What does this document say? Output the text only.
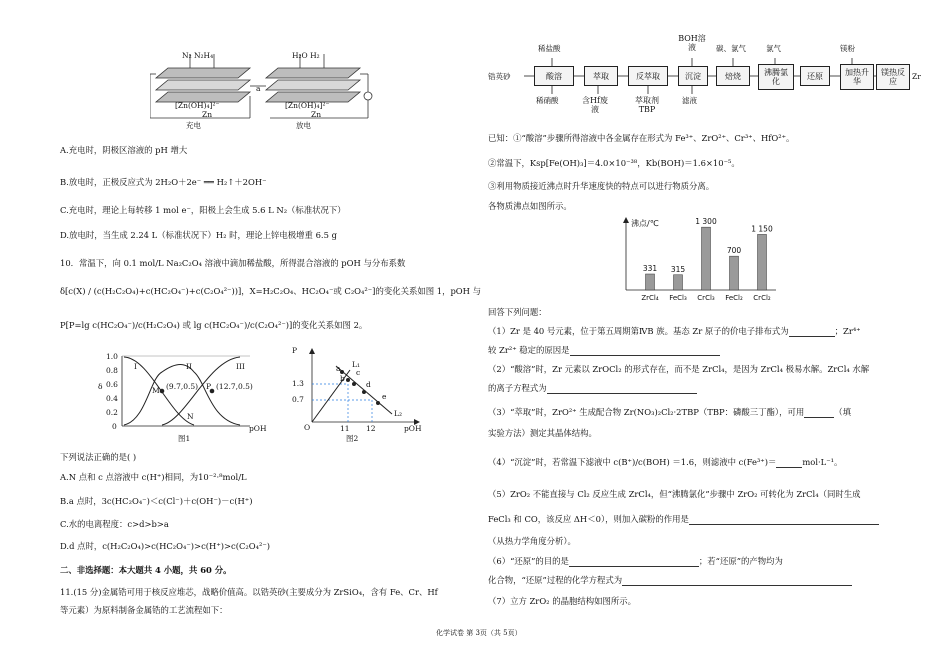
N₂ N₂H₄	H₂O H₂
a
[Zn(OH)₄]²⁻	[Zn(OH)₄]²⁻
Zn	Zn
充电	放电
A.充电时，阴极区溶液的 pH 增大
B.放电时，正极反应式为 2H₂O＋2e⁻ ══ H₂↑＋2OH⁻
C.充电时，理论上每转移 1 mol e⁻，阳极上会生成 5.6 L N₂（标准状况下）
D.放电时，当生成 2.24 L（标准状况下）H₂ 时，理论上锌电极增重 6.5 g
10．常温下，向 0.1 mol/L Na₂C₂O₄ 溶液中滴加稀盐酸，所得混合溶液的 pOH 与分布系数
δ[c(X) / (c(H₂C₂O₄)+c(HC₂O₄⁻)+c(C₂O₄²⁻))]，X=H₂C₂O₄、HC₂O₄⁻或 C₂O₄²⁻]的变化关系如图 1，pOH 与
P[P=lg c(HC₂O₄⁻)/c(H₂C₂O₄) 或 lg c(HC₂O₄⁻)/c(C₂O₄²⁻)]的变化关系如图 2。
1.0
0.8
0.6
0.4
0.2
0
δ
I	II	III
M (9.7,0.5) P (12.7,0.5)
N
pOH
图1
P
1.3
0.7
O	11 12	pOH
a
b
c
d
e
L₁
L₂
图2
下列说法正确的是( )
A.N 点和 c 点溶液中 c(H⁺)相同，为10⁻²·⁸mol/L
B.a 点时，3c(HC₂O₄⁻)＜c(Cl⁻)＋c(OH⁻)－c(H⁺)
C.水的电离程度：c>d>b>a
D.d 点时，c(H₂C₂O₄)>c(HC₂O₄⁻)>c(H⁺)>c(C₂O₄²⁻)
二、非选择题：本大题共 4 小题，共 60 分。
11.(15 分)金属锆可用于核反应堆芯，战略价值高。以锆英砂(主要成分为 ZrSiO₄，含有 Fe、Cr、Hf
等元素）为原料制备金属锆的工艺流程如下：
锆英砂	酸溶	萃取	反萃取	沉淀	焙烧	沸腾氯化
还原	加热升华
镁热反应
Zr
稀盐酸
BOH溶液	碳、氯气	氯气	镁粉
稀硝酸	含Hf废液
萃取剂TBP
滤液
已知：①“酸溶”步骤所得溶液中各金属存在形式为 Fe³⁺、ZrO²⁺、Cr³⁺、HfO²⁺。
②常温下，Ksp[Fe(OH)₃]＝4.0×10⁻³⁸，Kb(BOH)＝1.6×10⁻⁵。
③利用物质接近沸点时升华速度快的特点可以进行物质分离。
各物质沸点如图所示。
沸点/℃
331
ZrCl₄
315
FeCl₃
1 300
CrCl₃
700
FeCl₂
1 150
CrCl₂
回答下列问题：
（1）Zr 是 40 号元素，位于第五周期第ⅣB 族。基态 Zr 原子的价电子排布式为	；Zr⁴⁺
较 Zr²⁺ 稳定的原因是
（2）“酸溶”时，Zr 元素以 ZrOCl₂ 的形式存在，而不是 ZrCl₄，是因为 ZrCl₄ 极易水解。ZrCl₄ 水解
的离子方程式为
（3）“萃取”时，ZrO²⁺ 生成配合物 Zr(NO₃)₂Cl₂·2TBP（TBP：磷酸三丁酯），可用	（填
实验方法）测定其晶体结构。
（4）“沉淀”时，若常温下滤液中 c(B⁺)/c(BOH) ＝1.6，则滤液中 c(Fe³⁺)＝	mol·L⁻¹。
（5）ZrO₂ 不能直接与 Cl₂ 反应生成 ZrCl₄，但“沸腾氯化”步骤中 ZrO₂ 可转化为 ZrCl₄（同时生成
FeCl₃ 和 CO，该反应 ΔH＜0），则加入碳粉的作用是
（从热力学角度分析）。
（6）“还原”的目的是	；若“还原”的产物均为
化合物，“还原”过程的化学方程式为
（7）立方 ZrO₂ 的晶胞结构如图所示。
化学试卷 第 3页（共 5页）
